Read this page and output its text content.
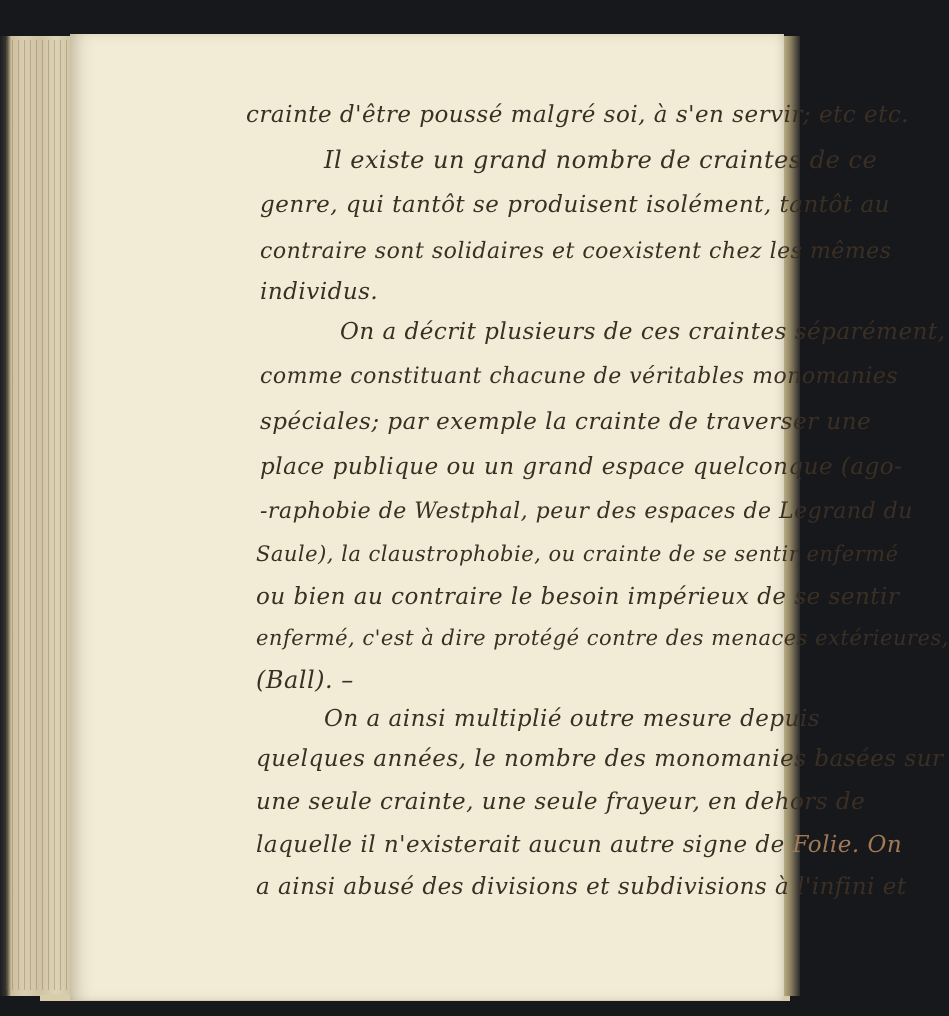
crainte d'être poussé malgré soi, à s'en servir; etc etc.
Il existe un grand nombre de craintes de ce
genre, qui tantôt se produisent isolément, tantôt au
contraire sont solidaires et coexistent chez les mêmes
individus.
On a décrit plusieurs de ces craintes séparément,
comme constituant chacune de véritables monomanies
spéciales; par exemple la crainte de traverser une
place publique ou un grand espace quelconque (ago-
-raphobie de Westphal, peur des espaces de Legrand du
Saule), la claustrophobie, ou crainte de se sentir enfermé
ou bien au contraire le besoin impérieux de se sentir
enfermé, c'est à dire protégé contre des menaces extérieures,
(Ball). –
On a ainsi multiplié outre mesure depuis
quelques années, le nombre des monomanies basées sur
une seule crainte, une seule frayeur, en dehors de
laquelle il n'existerait aucun autre signe de Folie. On
a ainsi abusé des divisions et subdivisions à l'infini et
